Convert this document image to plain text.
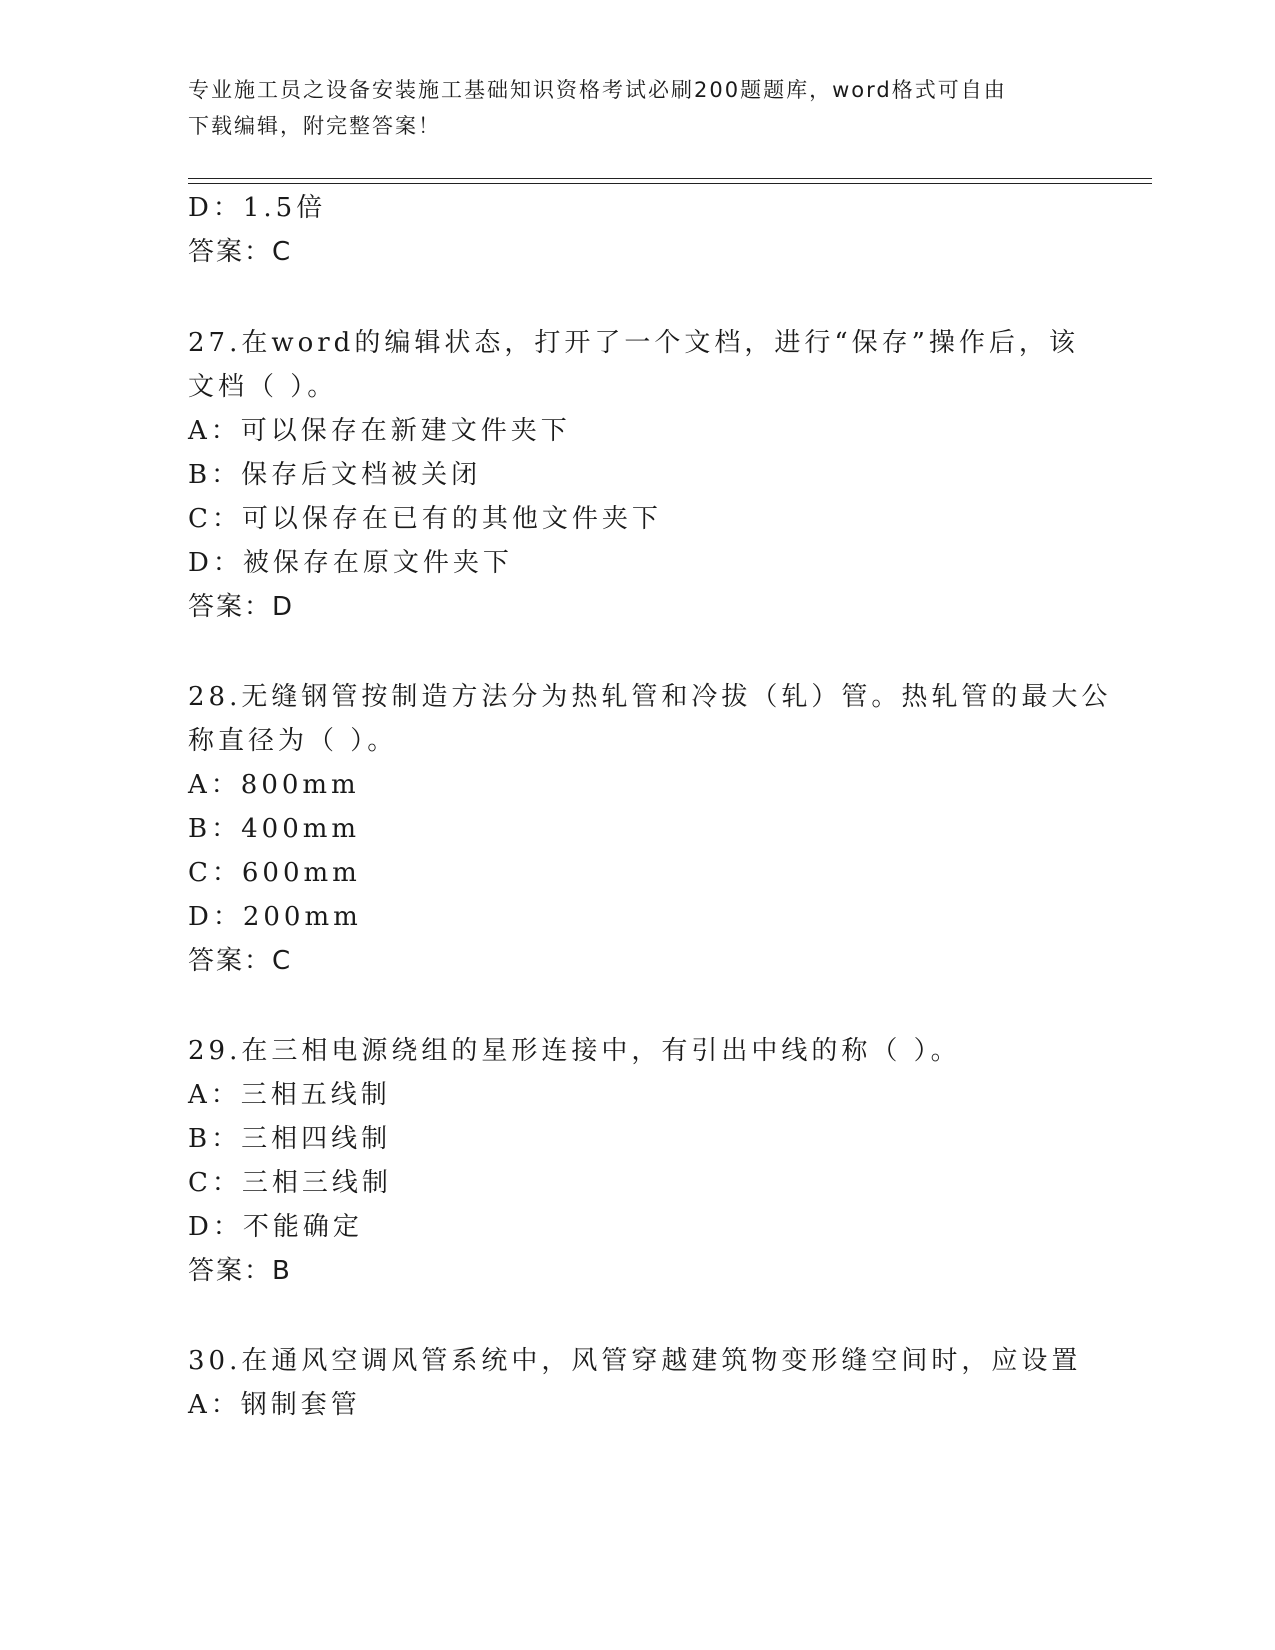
专业施工员之设备安装施工基础知识资格考试必刷200题题库，word格式可自由
下载编辑，附完整答案！
D：1.5倍
答案：C
27.在word的编辑状态，打开了一个文档，进行“保存”操作后，该
文档（ ）。
A：可以保存在新建文件夹下
B：保存后文档被关闭
C：可以保存在已有的其他文件夹下
D：被保存在原文件夹下
答案：D
28.无缝钢管按制造方法分为热轧管和冷拔（轧）管。热轧管的最大公
称直径为（ ）。
A：800mm
B：400mm
C：600mm
D：200mm
答案：C
29.在三相电源绕组的星形连接中，有引出中线的称（ ）。
A：三相五线制
B：三相四线制
C：三相三线制
D：不能确定
答案：B
30.在通风空调风管系统中，风管穿越建筑物变形缝空间时，应设置
A：钢制套管
